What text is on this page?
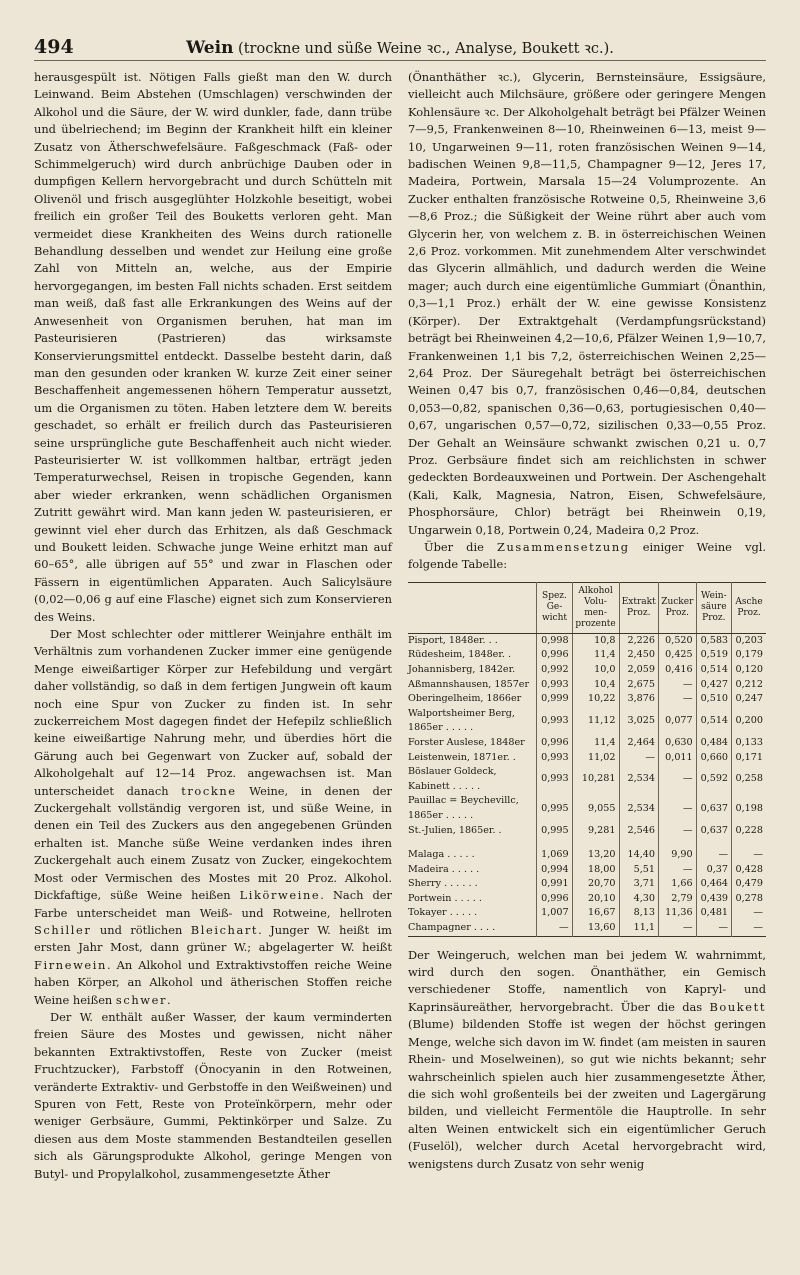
494	Wein (trockne und süße Weine ꝛc., Analyse, Boukett ꝛc.).

herausgespült ist. Nötigen Falls gießt man den W. durch Leinwand. Beim Abstehen (Umschlagen) verschwinden der Alkohol und die Säure, der W. wird dunkler, fade, dann trübe und übelriechend; im Beginn der Krankheit hilft ein kleiner Zusatz von Ätherschwefelsäure. Faßgeschmack (Faß- oder Schimmelgeruch) wird durch anbrüchige Dauben oder in dumpfigen Kellern hervorgebracht und durch Schütteln mit Olivenöl und frisch ausgeglühter Holzkohle beseitigt, wobei freilich ein großer Teil des Bouketts verloren geht. Man vermeidet diese Krankheiten des Weins durch rationelle Behandlung desselben und wendet zur Heilung eine große Zahl von Mitteln an, welche, aus der Empirie hervorgegangen, im besten Fall nichts schaden. Erst seitdem man weiß, daß fast alle Erkrankungen des Weins auf der Anwesenheit von Organismen beruhen, hat man im Pasteurisieren (Pastrieren) das wirksamste Konservierungsmittel entdeckt. Dasselbe besteht darin, daß man den gesunden oder kranken W. kurze Zeit einer seiner Beschaffenheit angemessenen höhern Temperatur aussetzt, um die Organismen zu töten. Haben letztere dem W. bereits geschadet, so erhält er freilich durch das Pasteurisieren seine ursprüngliche gute Beschaffenheit auch nicht wieder. Pasteurisierter W. ist vollkommen haltbar, erträgt jeden Temperaturwechsel, Reisen in tropische Gegenden, kann aber wieder erkranken, wenn schädlichen Organismen Zutritt gewährt wird. Man kann jeden W. pasteurisieren, er gewinnt viel eher durch das Erhitzen, als daß Geschmack und Boukett leiden. Schwache junge Weine erhitzt man auf 60–65°, alle übrigen auf 55° und zwar in Flaschen oder Fässern in eigentümlichen Apparaten. Auch Salicylsäure (0,02—0,06 g auf eine Flasche) eignet sich zum Konservieren des Weins.

Der Most schlechter oder mittlerer Weinjahre enthält im Verhältnis zum vorhandenen Zucker immer eine genügende Menge eiweißartiger Körper zur Hefebildung und vergärt daher vollständig, so daß in dem fertigen Jungwein oft kaum noch eine Spur von Zucker zu finden ist. In sehr zuckerreichem Most dagegen findet der Hefepilz schließlich keine eiweißartige Nahrung mehr, und überdies hört die Gärung auch bei Gegenwart von Zucker auf, sobald der Alkoholgehalt auf 12—14 Proz. angewachsen ist. Man unterscheidet danach trockne Weine, in denen der Zuckergehalt vollständig vergoren ist, und süße Weine, in denen ein Teil des Zuckers aus den angegebenen Gründen erhalten ist. Manche süße Weine verdanken indes ihren Zuckergehalt auch einem Zusatz von Zucker, eingekochtem Most oder Vermischen des Mostes mit 20 Proz. Alkohol. Dickfaftige, süße Weine heißen Likörweine. Nach der Farbe unterscheidet man Weiß- und Rotweine, hellroten Schiller und rötlichen Bleichart. Junger W. heißt im ersten Jahr Most, dann grüner W.; abgelagerter W. heißt Firnewein. An Alkohol und Extraktivstoffen reiche Weine haben Körper, an Alkohol und ätherischen Stoffen reiche Weine heißen schwer.

Der W. enthält außer Wasser, der kaum verminderten freien Säure des Mostes und gewissen, nicht näher bekannten Extraktivstoffen, Reste von Zucker (meist Fruchtzucker), Farbstoff (Önocyanin in den Rotweinen, veränderte Extraktiv- und Gerbstoffe in den Weißweinen) und Spuren von Fett, Reste von Proteïnkörpern, mehr oder weniger Gerbsäure, Gummi, Pektinkörper und Salze. Zu diesen aus dem Moste stammenden Bestandteilen gesellen sich als Gärungsprodukte Alkohol, geringe Mengen von Butyl- und Propylalkohol, zusammengesetzte Äther

(Önanthäther ꝛc.), Glycerin, Bernsteinsäure, Essigsäure, vielleicht auch Milchsäure, größere oder geringere Mengen Kohlensäure ꝛc. Der Alkoholgehalt beträgt bei Pfälzer Weinen 7—9,5, Frankenweinen 8—10, Rheinweinen 6—13, meist 9—10, Ungarweinen 9—11, roten französischen Weinen 9—14, badischen Weinen 9,8—11,5, Champagner 9—12, Jeres 17, Madeira, Portwein, Marsala 15—24 Volumprozente. An Zucker enthalten französische Rotweine 0,5, Rheinweine 3,6—8,6 Proz.; die Süßigkeit der Weine rührt aber auch vom Glycerin her, von welchem z. B. in österreichischen Weinen 2,6 Proz. vorkommen. Mit zunehmendem Alter verschwindet das Glycerin allmählich, und dadurch werden die Weine mager; auch durch eine eigentümliche Gummiart (Önanthin, 0,3—1,1 Proz.) erhält der W. eine gewisse Konsistenz (Körper). Der Extraktgehalt (Verdampfungsrückstand) beträgt bei Rheinweinen 4,2—10,6, Pfälzer Weinen 1,9—10,7, Frankenweinen 1,1 bis 7,2, österreichischen Weinen 2,25—2,64 Proz. Der Säuregehalt beträgt bei österreichischen Weinen 0,47 bis 0,7, französischen 0,46—0,84, deutschen 0,053—0,82, spanischen 0,36—0,63, portugiesischen 0,40—0,67, ungarischen 0,57—0,72, sizilischen 0,33—0,55 Proz. Der Gehalt an Weinsäure schwankt zwischen 0,21 u. 0,7 Proz. Gerbsäure findet sich am reichlichsten in schwer gedeckten Bordeauxweinen und Portwein. Der Aschengehalt (Kali, Kalk, Magnesia, Natron, Eisen, Schwefelsäure, Phosphorsäure, Chlor) beträgt bei Rheinwein 0,19, Ungarwein 0,18, Portwein 0,24, Madeira 0,2 Proz.

Über die Zusammensetzung einiger Weine vgl. folgende Tabelle:

	Spez. Ge- wicht	Alkohol Volu- men- prozente	Extrakt Proz.	Zucker Proz.	Wein- säure Proz.	Asche Proz.
Pisport, 1848er. . .	0,998	10,8	2,226	0,520	0,583	0,203
Rüdesheim, 1848er. .	0,996	11,4	2,450	0,425	0,519	0,179
Johannisberg, 1842er.	0,992	10,0	2,059	0,416	0,514	0,120
Aßmannshausen, 1857er	0,993	10,4	2,675	—	0,427	0,212
Oberingelheim, 1866er	0,999	10,22	3,876	—	0,510	0,247
Walportsheimer Berg, 1865er . . . . .	0,993	11,12	3,025	0,077	0,514	0,200
Forster Auslese, 1848er	0,996	11,4	2,464	0,630	0,484	0,133
Leistenwein, 1871er. .	0,993	11,02	—	0,011	0,660	0,171
Böslauer Goldeck, Kabinett . . . . .	0,993	10,281	2,534	—	0,592	0,258
Pauillac = Beychevillc, 1865er . . . . .	0,995	9,055	2,534	—	0,637	0,198
St.-Julien, 1865er. .	0,995	9,281	2,546	—	0,637	0,228

Malaga . . . . .	1,069	13,20	14,40	9,90	—	—
Madeira . . . . .	0,994	18,00	5,51	—	0,37	0,428
Sherry . . . . . .	0,991	20,70	3,71	1,66	0,464	0,479
Portwein . . . . .	0,996	20,10	4,30	2,79	0,439	0,278
Tokayer . . . . .	1,007	16,67	8,13	11,36	0,481	—
Champagner . . . .	—	13,60	11,1	—	—	—

Der Weingeruch, welchen man bei jedem W. wahrnimmt, wird durch den sogen. Önanthäther, ein Gemisch verschiedener Stoffe, namentlich von Kapryl- und Kaprinsäureäther, hervorgebracht. Über die das Boukett (Blume) bildenden Stoffe ist wegen der höchst geringen Menge, welche sich davon im W. findet (am meisten in sauren Rhein- und Moselweinen), so gut wie nichts bekannt; sehr wahrscheinlich spielen auch hier zusammengesetzte Äther, die sich wohl großenteils bei der zweiten und Lagergärung bilden, und vielleicht Fermentöle die Hauptrolle. In sehr alten Weinen entwickelt sich ein eigentümlicher Geruch (Fuselöl), welcher durch Acetal hervorgebracht wird, wenigstens durch Zusatz von sehr wenig
